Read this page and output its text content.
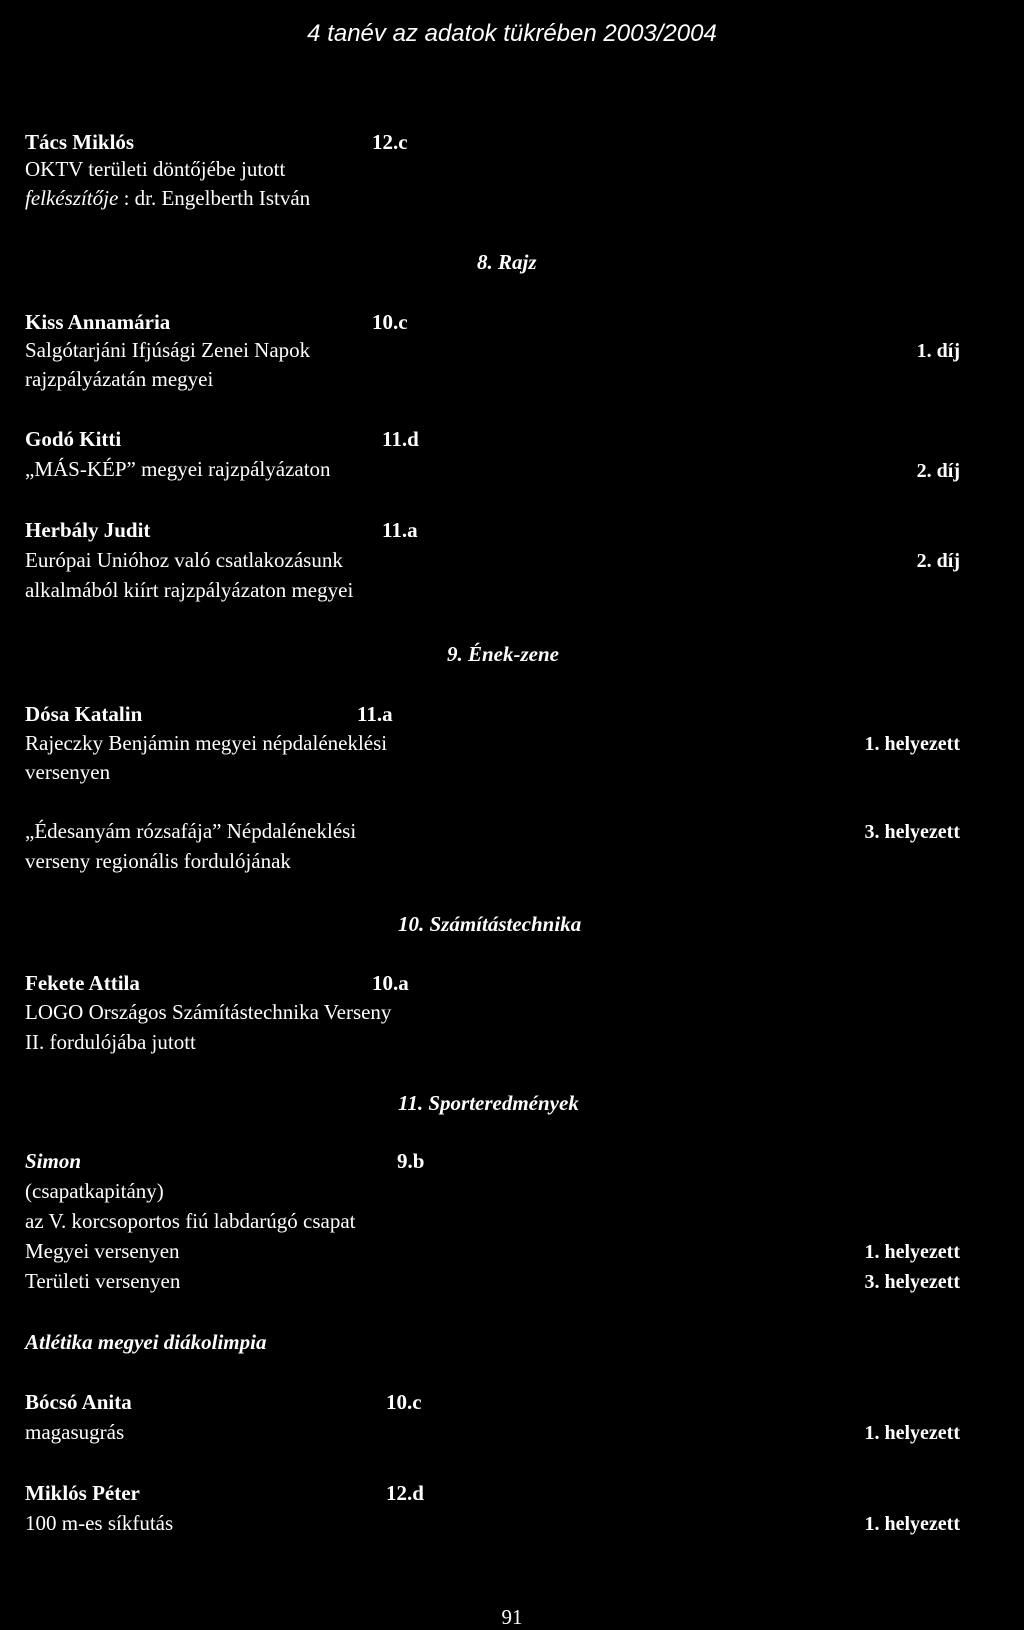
4 tanév az adatok tükrében 2003/2004
Tács Miklós	12.c
OKTV területi döntőjébe jutott
felkészítője : dr. Engelberth István
8. Rajz
Kiss Annamária	10.c
Salgótarjáni Ifjúsági Zenei Napok	1. díj
rajzpályázatán megyei
Godó Kitti	11.d
„MÁS-KÉP” megyei rajzpályázaton	2. díj
Herbály Judit	11.a
Európai Unióhoz való csatlakozásunk	2. díj
alkalmából kiírt rajzpályázaton megyei
9. Ének-zene
Dósa Katalin	11.a
Rajeczky Benjámin megyei népdaléneklési	1. helyezett
versenyen
„Édesanyám rózsafája” Népdaléneklési	3. helyezett
verseny regionális fordulójának
10. Számítástechnika
Fekete Attila	10.a
LOGO Országos Számítástechnika Verseny
II. fordulójába jutott
11. Sporteredmények
Simon	9.b
(csapatkapitány)
az V. korcsoportos fiú labdarúgó csapat
Megyei versenyen	1. helyezett
Területi versenyen	3. helyezett
Atlétika megyei diákolimpia
Bócsó Anita	10.c
magasugrás	1. helyezett
Miklós Péter	12.d
100 m-es síkfutás	1. helyezett
91
